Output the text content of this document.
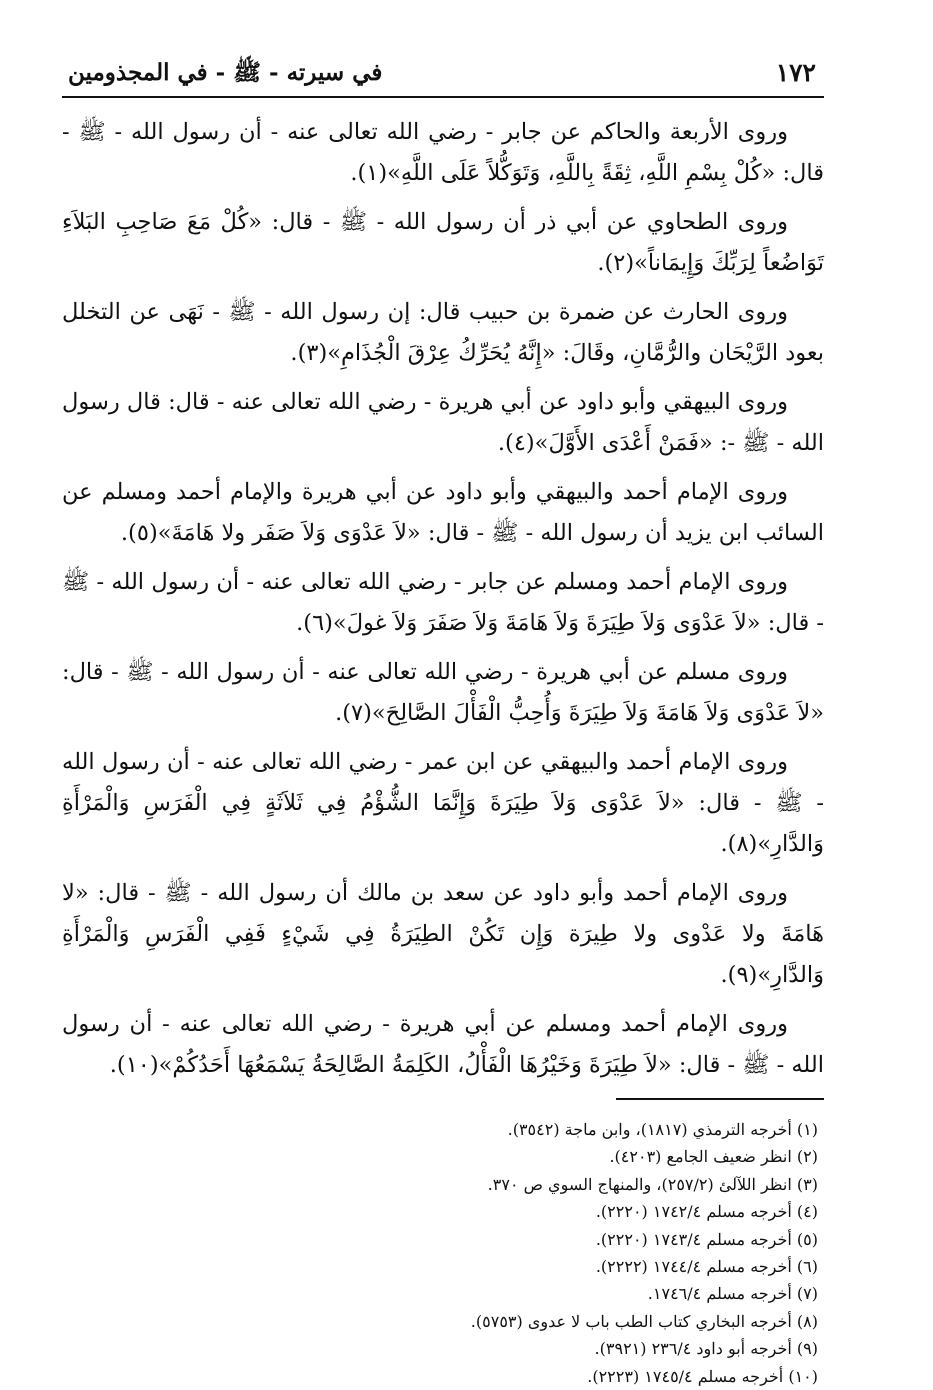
١٧٢
في سيرته - ﷺ - في المجذومين

وروى الأربعة والحاكم عن جابر - رضي الله تعالى عنه - أن رسول الله - ﷺ - قال: «كُلْ بِسْمِ اللَّهِ، ثِقَةً بِاللَّهِ، وَتَوَكُّلاً عَلَى اللَّهِ»(١).

وروى الطحاوي عن أبي ذر أن رسول الله - ﷺ - قال: «كُلْ مَعَ صَاحِبِ البَلاَءِ تَوَاضُعاً لِرَبِّكَ وَإِيمَاناً»(٢).

وروى الحارث عن ضمرة بن حبيب قال: إن رسول الله - ﷺ - نَهَى عن التخلل بعود الرَّيْحَان والرُّمَّانِ، وقَالَ: «إِنَّهُ يُحَرِّكُ عِرْقَ الْجُذَامِ»(٣).

وروى البيهقي وأبو داود عن أبي هريرة - رضي الله تعالى عنه - قال: قال رسول الله - ﷺ -: «فَمَنْ أَعْدَى الأَوَّلَ»(٤).

وروى الإمام أحمد والبيهقي وأبو داود عن أبي هريرة والإمام أحمد ومسلم عن السائب ابن يزيد أن رسول الله - ﷺ - قال: «لاَ عَدْوَى وَلاَ صَفَر ولا هَامَةَ»(٥).

وروى الإمام أحمد ومسلم عن جابر - رضي الله تعالى عنه - أن رسول الله - ﷺ - قال: «لاَ عَدْوَى وَلاَ طِيَرَةَ وَلاَ هَامَةَ وَلاَ صَفَرَ وَلاَ غولَ»(٦).

وروى مسلم عن أبي هريرة - رضي الله تعالى عنه - أن رسول الله - ﷺ - قال: «لاَ عَدْوَى وَلاَ هَامَةَ وَلاَ طِيَرَةَ وَأُحِبُّ الْفَأْلَ الصَّالِحَ»(٧).

وروى الإمام أحمد والبيهقي عن ابن عمر - رضي الله تعالى عنه - أن رسول الله - ﷺ - قال: «لاَ عَدْوَى وَلاَ طِيَرَةَ وَإِنَّمَا الشُّؤْمُ فِي ثَلاَثَةٍ فِي الْفَرَسِ وَالْمَرْأَةِ وَالدَّارِ»(٨).

وروى الإمام أحمد وأبو داود عن سعد بن مالك أن رسول الله - ﷺ - قال: «لا هَامَةَ ولا عَدْوى ولا طِيرَة وَإِن تَكُنْ الطِيَرَةُ فِي شَيْءٍ فَفِي الْفَرَسِ وَالْمَرْأَةِ وَالدَّارِ»(٩).

وروى الإمام أحمد ومسلم عن أبي هريرة - رضي الله تعالى عنه - أن رسول الله - ﷺ - قال: «لاَ طِيَرَةَ وَخَيْرُهَا الْفَأْلُ، الكَلِمَةُ الصَّالِحَةُ يَسْمَعُهَا أَحَدُكُمْ»(١٠).

(١) أخرجه الترمذي (١٨١٧)، وابن ماجة (٣٥٤٢).

(٢) انظر ضعيف الجامع (٤٢٠٣).

(٣) انظر اللآلئ (٢٥٧/٢)، والمنهاج السوي ص ٣٧٠.

(٤) أخرجه مسلم ١٧٤٢/٤ (٢٢٢٠).

(٥) أخرجه مسلم ١٧٤٣/٤ (٢٢٢٠).

(٦) أخرجه مسلم ١٧٤٤/٤ (٢٢٢٢).

(٧) أخرجه مسلم ١٧٤٦/٤.

(٨) أخرجه البخاري كتاب الطب باب لا عدوى (٥٧٥٣).

(٩) أخرجه أبو داود ٢٣٦/٤ (٣٩٢١).

(١٠) أخرجه مسلم ١٧٤٥/٤ (٢٢٢٣).
